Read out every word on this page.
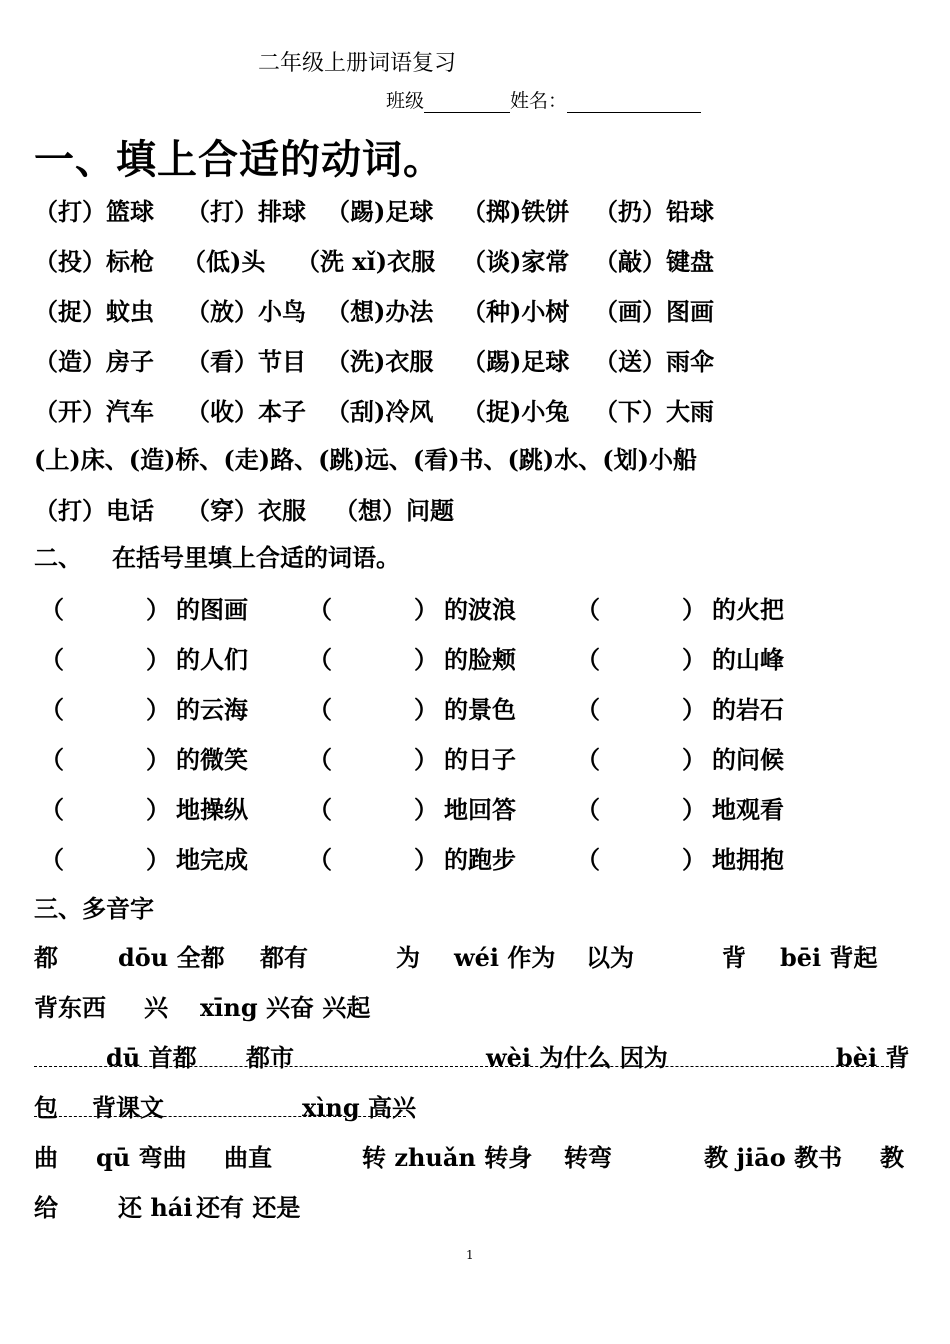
二年级上册词语复习
班级	姓名：
一、填上合适的动词。
（打）篮球 （打）排球 （踢)足球 （掷)铁饼 （扔）铅球
（投）标枪 （低)头 （洗 xǐ)衣服 （谈)家常 （敲）键盘
（捉）蚊虫 （放）小鸟 （想)办法 （种)小树 （画）图画
（造）房子 （看）节目 （洗)衣服 （踢)足球 （送）雨伞
（开）汽车 （收）本子 （刮)冷风 （捉)小兔 （下）大雨
(上)床、(造)桥、(走)路、(跳)远、(看)书、(跳)水、(划)小船
（打）电话 （穿）衣服 （想）问题
二、 在括号里填上合适的词语。
（	） 的图画	（	） 的波浪	（	） 的火把
（	） 的人们	（	） 的脸颊	（	） 的山峰
（	） 的云海	（	） 的景色	（	） 的岩石
（	） 的微笑	（	） 的日子	（	） 的问候
（	） 地操纵	（	） 地回答	（	） 地观看
（	） 地完成	（	） 的跑步	（	） 地拥抱
三、多音字
都	dōu 全都 都有	为 wéi 作为 以为	背 bēi 背起
背东西 兴 xīng 兴奋 兴起
dū 首都 都市	wèi 为什么 因为	bèi 背
包 背课文	xìng 高兴
曲 qū 弯曲 曲直	转 zhuǎn 转身 转弯	教 jiāo 教书 教
给	还 hái 还有 还是
1
